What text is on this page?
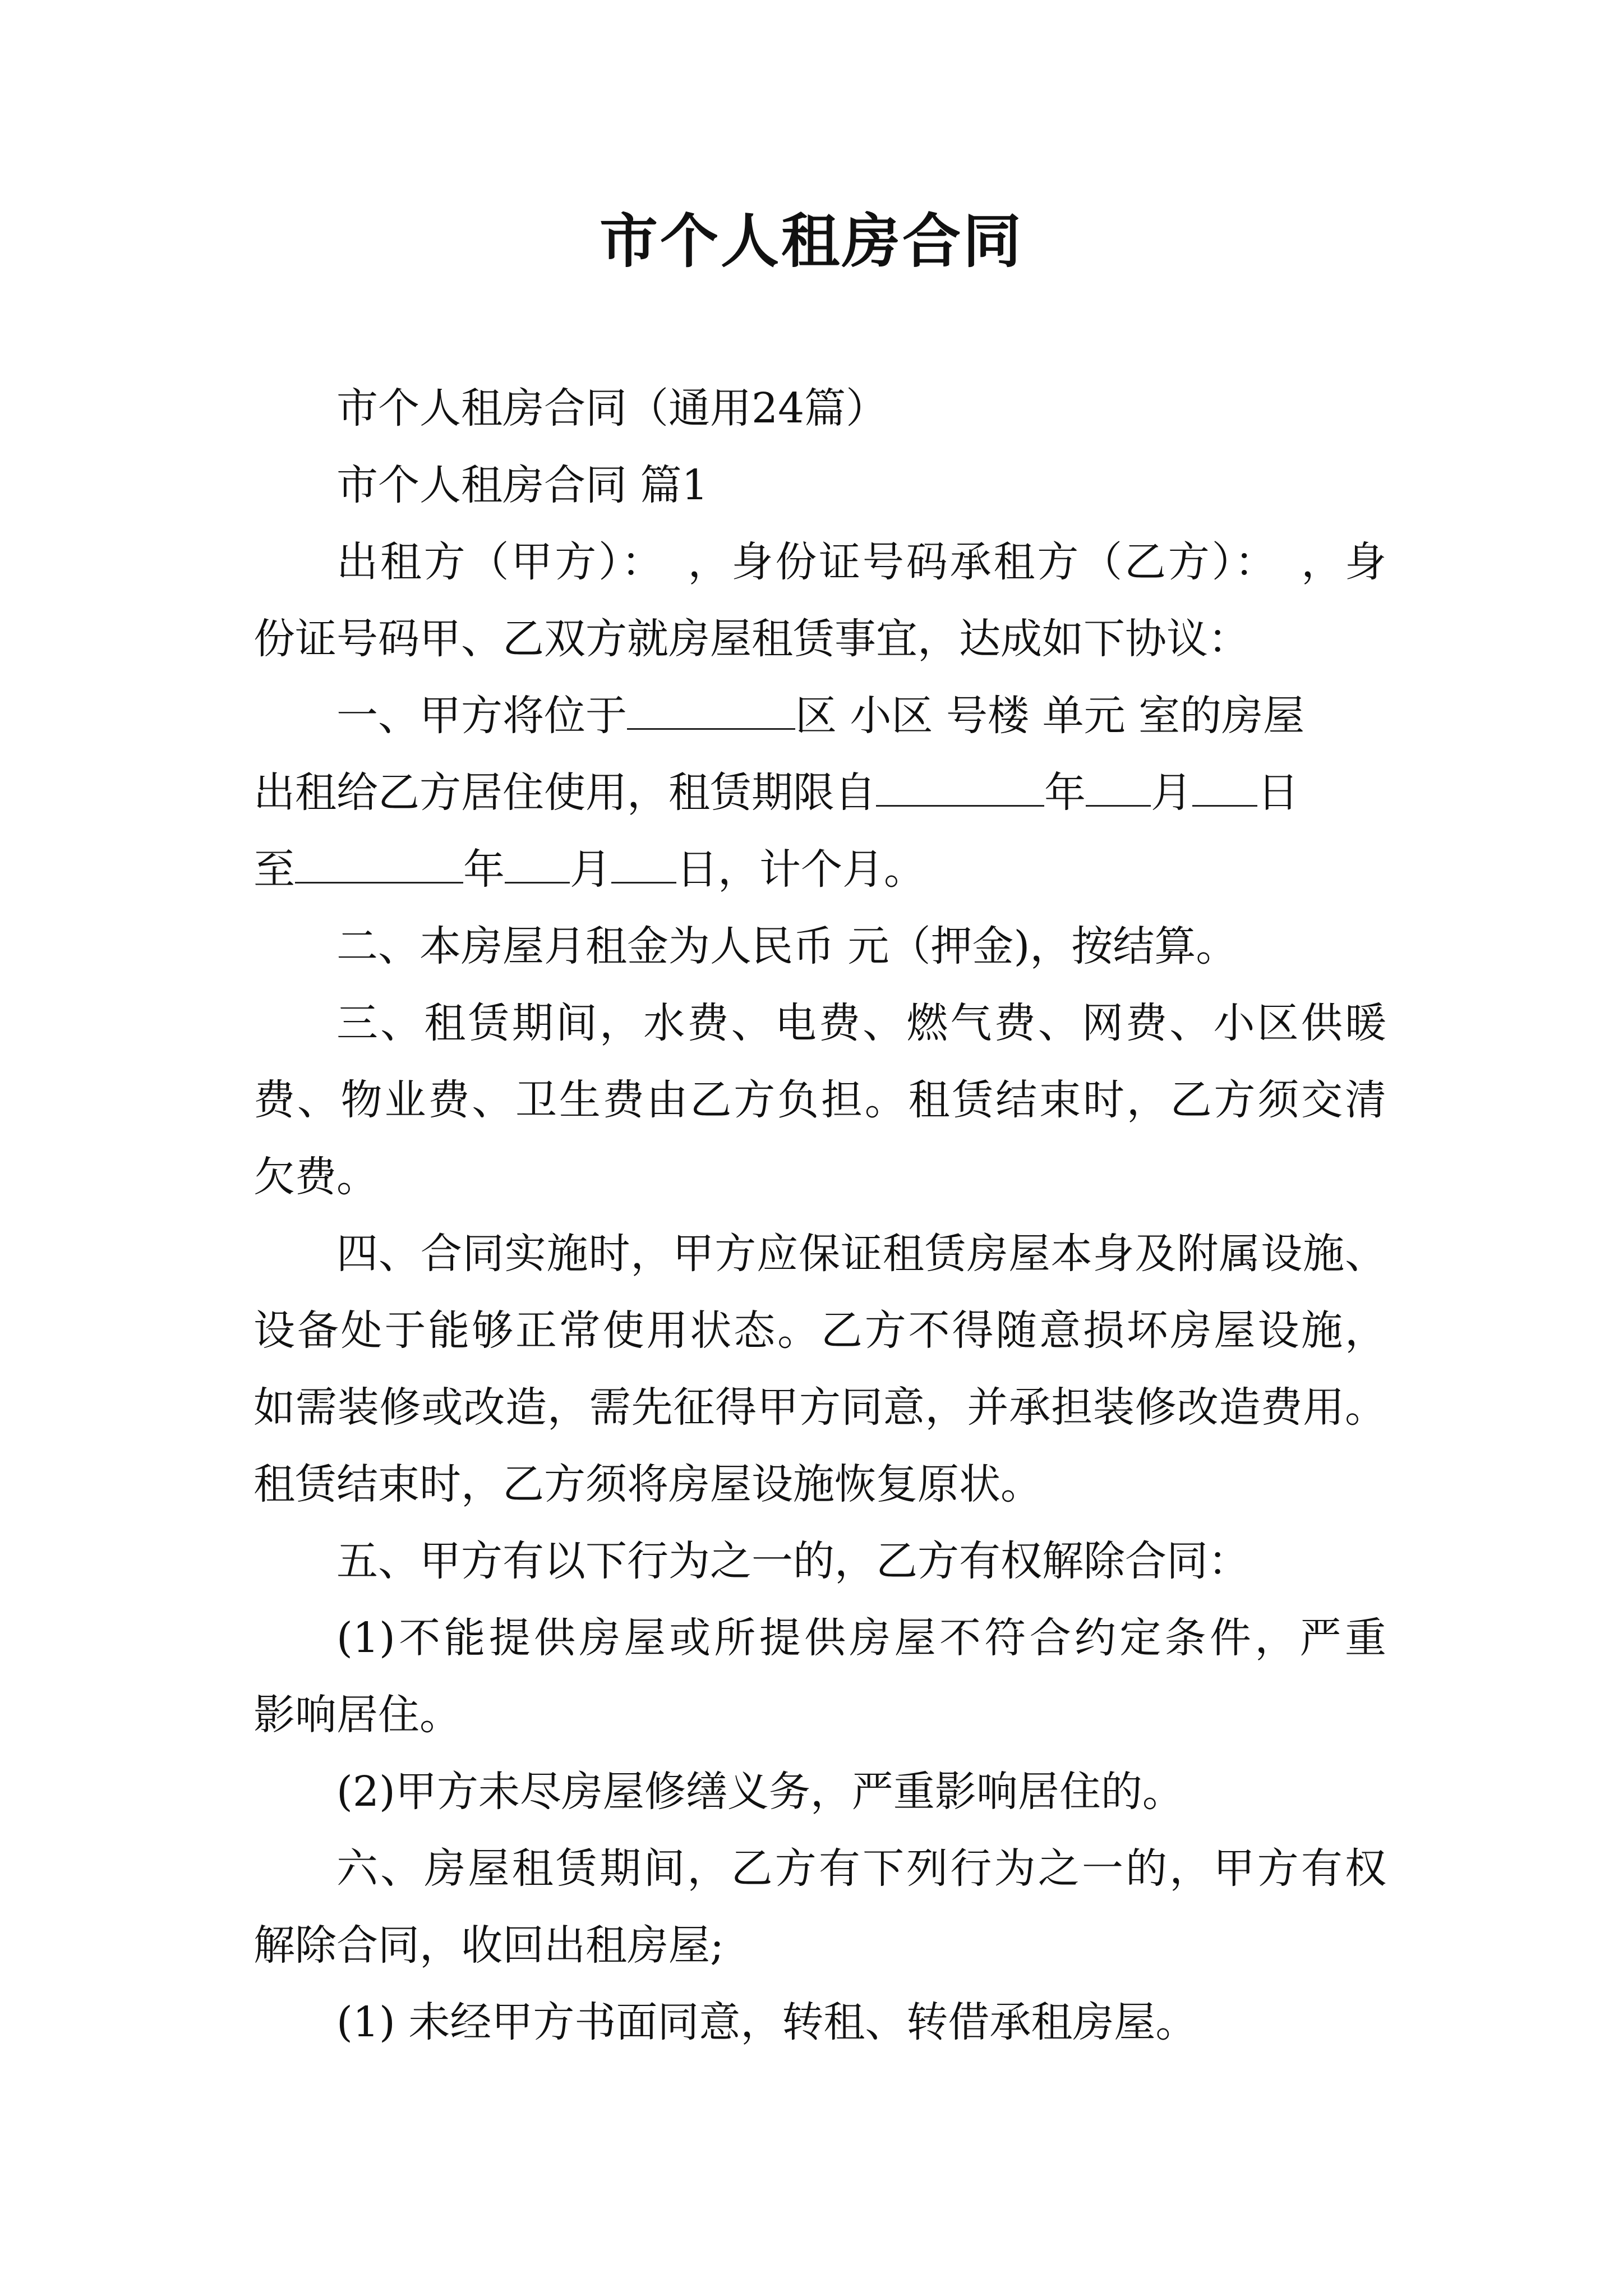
市个人租房合同
市个人租房合同（通用24篇）
市个人租房合同 篇1
出租方（甲方）：　，身份证号码承租方（乙方）：　，身
份证号码甲、乙双方就房屋租赁事宜，达成如下协议：
一、甲方将位于	区 小区 号楼 单元 室的房屋
出租给乙方居住使用，租赁期限自	年 月 日
至	年 月 日，计个月。
二、本房屋月租金为人民币 元（押金)，按结算。
三、租赁期间，水费、电费、燃气费、网费、小区供暖
费、物业费、卫生费由乙方负担。租赁结束时，乙方须交清
欠费。
四、合同实施时，甲方应保证租赁房屋本身及附属设施、
设备处于能够正常使用状态。乙方不得随意损坏房屋设施，
如需装修或改造，需先征得甲方同意，并承担装修改造费用。
租赁结束时，乙方须将房屋设施恢复原状。
五、甲方有以下行为之一的，乙方有权解除合同：
(1)不能提供房屋或所提供房屋不符合约定条件，严重
影响居住。
(2)甲方未尽房屋修缮义务，严重影响居住的。
六、房屋租赁期间，乙方有下列行为之一的，甲方有权
解除合同，收回出租房屋;
(1) 未经甲方书面同意，转租、转借承租房屋。
